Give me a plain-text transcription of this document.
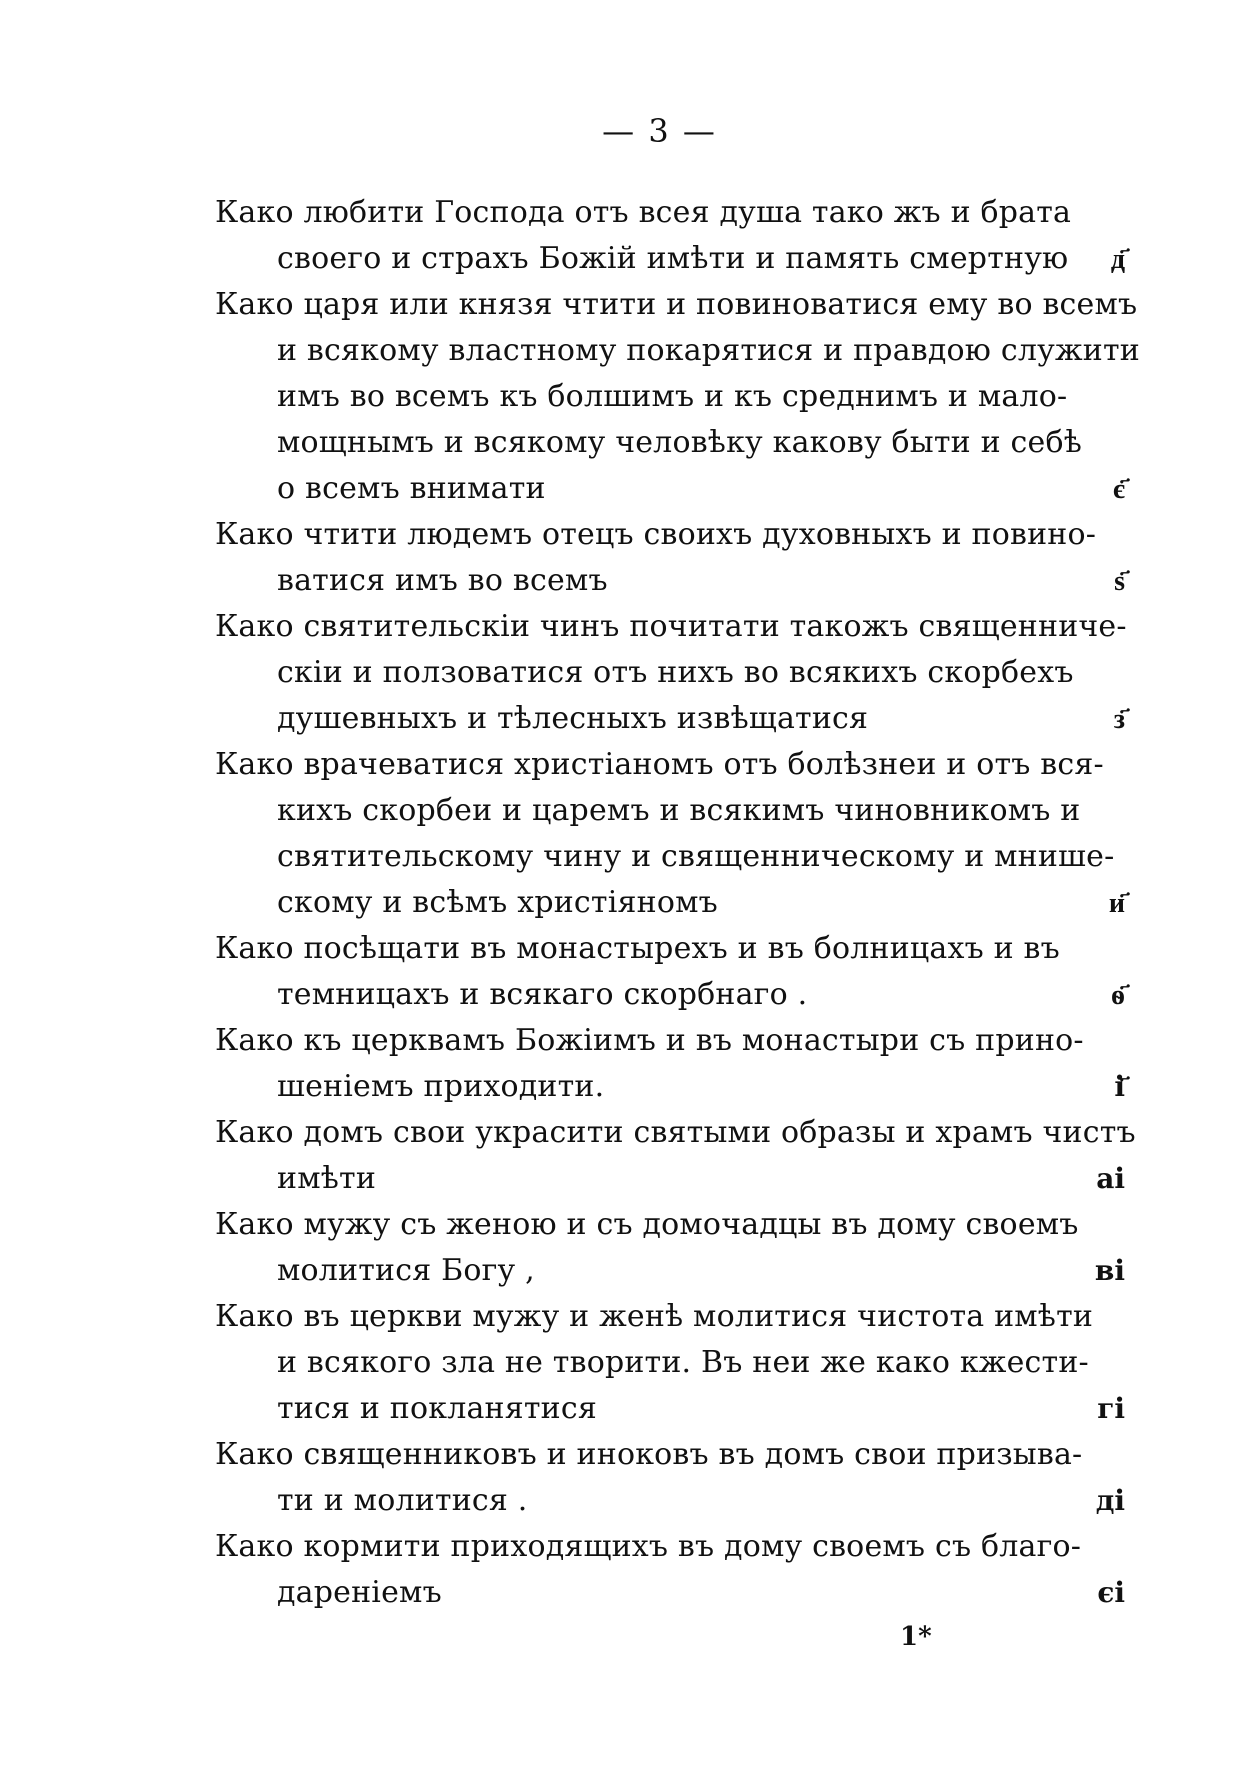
— 3 —
Како любити Господа отъ всея душа тако жъ и брата
своего и страхъ Божiй имѣти и память смертную	д҃
Како царя или князя чтити и повиноватися ему во всемъ
и всякому властному покарятися и правдою служити
имъ во всемъ къ болшимъ и къ среднимъ и мало-
мощнымъ и всякому человѣку какову быти и себѣ
о всемъ внимати	є҃
Како чтити людемъ отецъ своихъ духовныхъ и повино-
ватися имъ во всемъ	ѕ҃
Како святительскiи чинъ почитати такожъ священниче-
скiи и ползоватися отъ нихъ во всякихъ скорбехъ
душевныхъ и тѣлесныхъ извѣщатися	з҃
Како врачеватися христiаномъ отъ болѣзнеи и отъ вся-
кихъ скорбеи и царемъ и всякимъ чиновникомъ и
святительскому чину и священническому и мнише-
скому и всѣмъ христiяномъ	и҃
Како посѣщати въ монастырехъ и въ болницахъ и въ
темницахъ и всякаго скорбнаго .	ѳ҃
Како къ церквамъ Божiимъ и въ монастыри съ прино-
шенiемъ приходити.	i҃
Како домъ свои украсити святыми образы и храмъ чистъ
имѣти	аi
Како мужу съ женою и съ домочадцы въ дому своемъ
молитися Богу ,	вi
Како въ церкви мужу и женѣ молитися чистота имѣти
и всякого зла не творити. Въ неи же како кжести-
тися и покланятися	гi
Како священниковъ и иноковъ въ домъ свои призыва-
ти и молитися .	дi
Како кормити приходящихъ въ дому своемъ съ благо-
даренiемъ	єi
1*
